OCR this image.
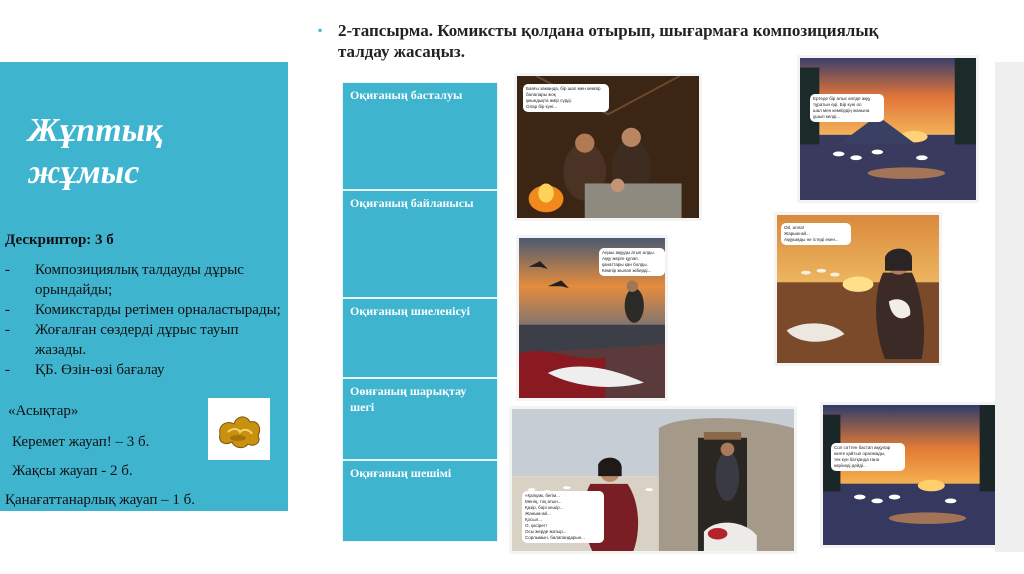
▪ 2-тапсырма. Комиксты қолдана отырып, шығармаға композициялық талдау жасаңыз.
Жұптық жұмыс
Дескриптор: 3 б
-	Композициялық талдауды дұрыс орындайды;
-	Комикстарды ретімен орналастырады;
-	Жоғалған сөздерді дұрыс тауып жазады.
-	ҚБ. Өзін-өзі бағалау
«Асықтар»
Керемет жауап! – 3 б.
Жақсы жауап - 2 б.
Қанағаттанарлық жауап – 1 б.
Оқиғаның басталуы
Оқиғаның байланысы
Оқиғаның шиеленісуі
Оөиғаның шарықтау шегі
Оқиғаның шешімі
Баяғы заманда, бір шал мен кемпір
балалары жоқ
қиындықта өмір сүрді.
Олар бір күні...
Ертеде бір алыс көлде аққу
тұратын еді. Бір күні ол
шал мен кемпірдің жанына
ұшып келді...
Аңшы аққуды атып алды.
Аққу жерге құлап,
қанаттары қан болды.
Кемпір жылап жіберді...
Ой, алла!
Жарым-ай...
Аққуымды не істеді екен...
«Қалқам, бегім...
Менің, тоқ атын...
Қазір, бәрі кешір...
Жаным-ай...
Қосыл...
О, қасірет!
Осы жерде жатыр...
Сорлымын, балапандарын...
Сол сәттен бастап аққулар
көлге қайтып оралмады,
тек күн батқанда ғана
көрінеді дейді...
